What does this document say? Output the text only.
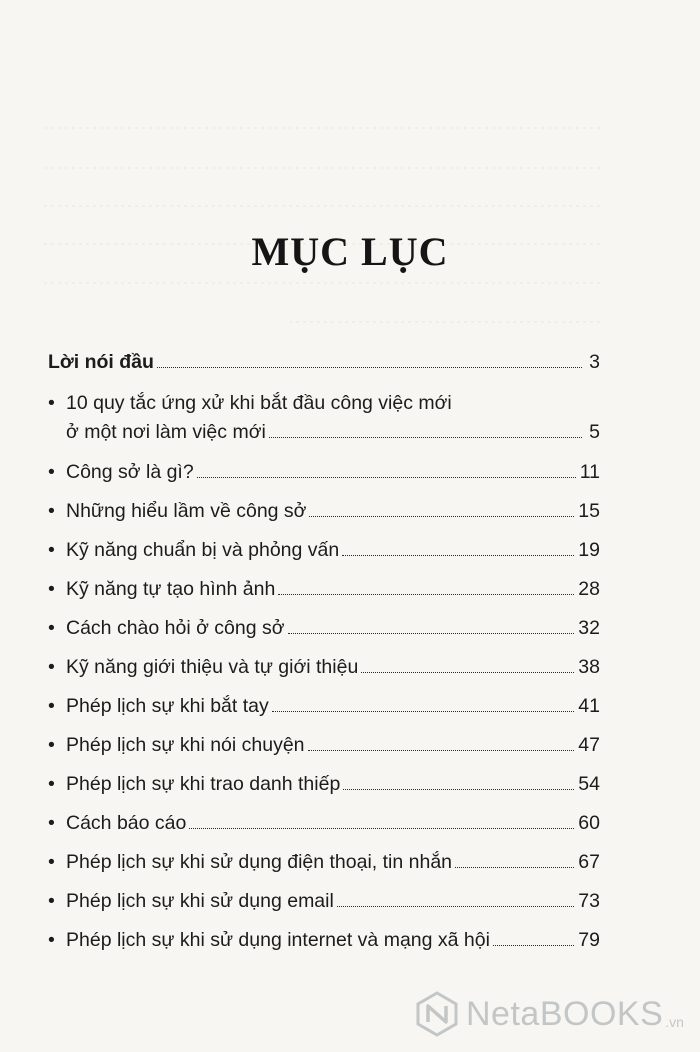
MỤC LỤC
Lời nói đầu	3
• 10 quy tắc ứng xử khi bắt đầu công việc mới
ở một nơi làm việc mới	5
• Công sở là gì?	11
• Những hiểu lầm về công sở	15
• Kỹ năng chuẩn bị và phỏng vấn	19
• Kỹ năng tự tạo hình ảnh	28
• Cách chào hỏi ở công sở	32
• Kỹ năng giới thiệu và tự giới thiệu	38
• Phép lịch sự khi bắt tay	41
• Phép lịch sự khi nói chuyện	47
• Phép lịch sự khi trao danh thiếp	54
• Cách báo cáo	60
• Phép lịch sự khi sử dụng điện thoại, tin nhắn	67
• Phép lịch sự khi sử dụng email	73
• Phép lịch sự khi sử dụng internet và mạng xã hội	79
NetaBOOKS .vn
